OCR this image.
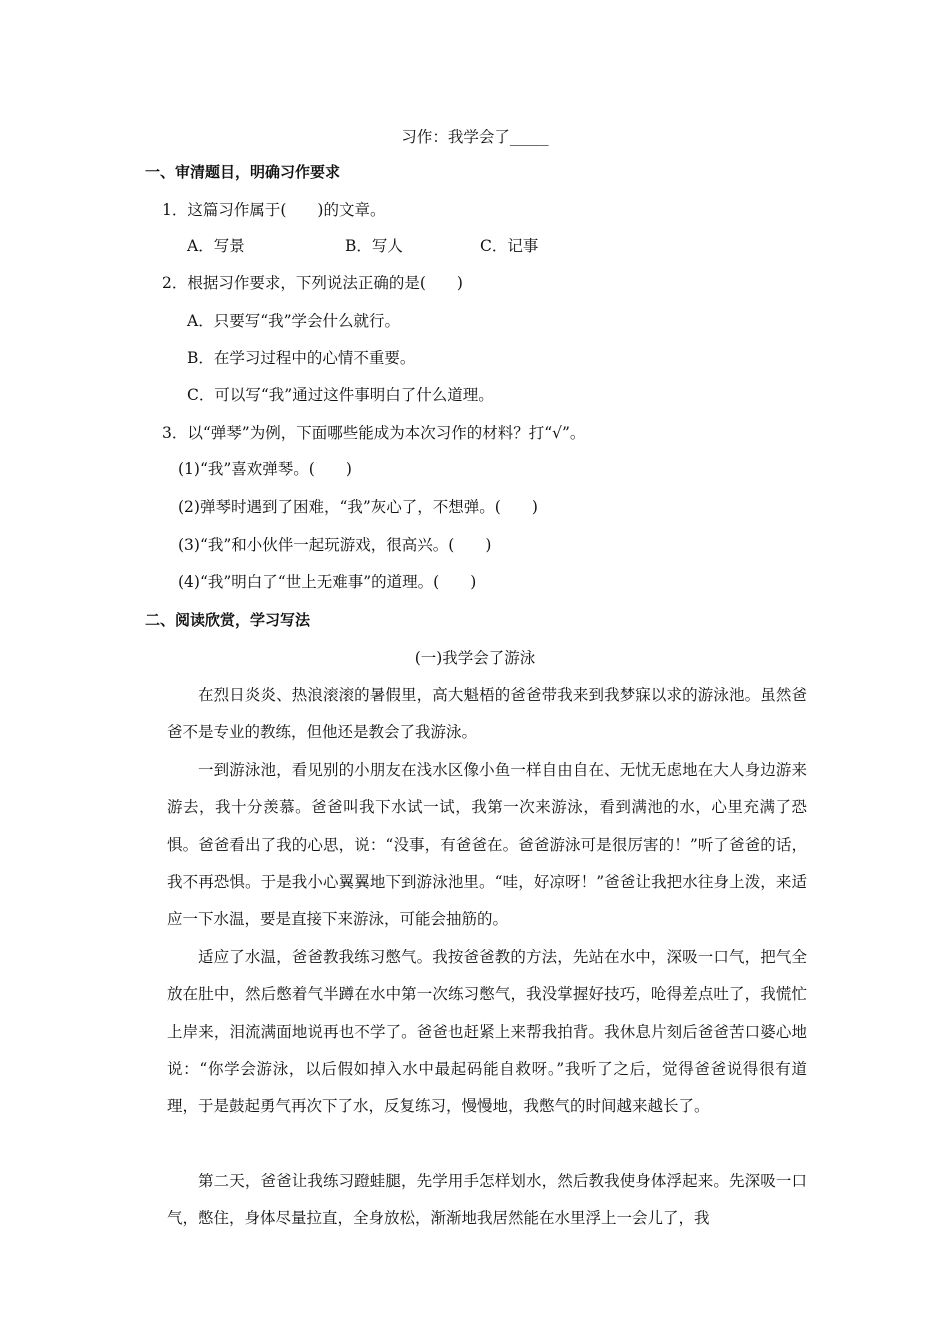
习作：我学会了_____
一、审清题目，明确习作要求
1．这篇习作属于(　　)的文章。
A．写景	B．写人	C．记事
2．根据习作要求，下列说法正确的是(　　)
A．只要写“我”学会什么就行。
B．在学习过程中的心情不重要。
C．可以写“我”通过这件事明白了什么道理。
3．以“弹琴”为例，下面哪些能成为本次习作的材料？打“√”。
(1)“我”喜欢弹琴。(　　)
(2)弹琴时遇到了困难，“我”灰心了，不想弹。(　　)
(3)“我”和小伙伴一起玩游戏，很高兴。(　　)
(4)“我”明白了“世上无难事”的道理。(　　)
二、阅读欣赏，学习写法
(一)我学会了游泳
在烈日炎炎、热浪滚滚的暑假里，高大魁梧的爸爸带我来到我梦寐以求的游泳池。虽然爸爸不是专业的教练，但他还是教会了我游泳。
一到游泳池，看见别的小朋友在浅水区像小鱼一样自由自在、无忧无虑地在大人身边游来游去，我十分羡慕。爸爸叫我下水试一试，我第一次来游泳，看到满池的水，心里充满了恐惧。爸爸看出了我的心思，说：“没事，有爸爸在。爸爸游泳可是很厉害的！”听了爸爸的话，我不再恐惧。于是我小心翼翼地下到游泳池里。“哇，好凉呀！”爸爸让我把水往身上泼，来适应一下水温，要是直接下来游泳，可能会抽筋的。
适应了水温，爸爸教我练习憋气。我按爸爸教的方法，先站在水中，深吸一口气，把气全放在肚中，然后憋着气半蹲在水中第一次练习憋气，我没掌握好技巧，呛得差点吐了，我慌忙上岸来，泪流满面地说再也不学了。爸爸也赶紧上来帮我拍背。我休息片刻后爸爸苦口婆心地说：“你学会游泳，以后假如掉入水中最起码能自救呀。”我听了之后，觉得爸爸说得很有道理，于是鼓起勇气再次下了水，反复练习，慢慢地，我憋气的时间越来越长了。
第二天，爸爸让我练习蹬蛙腿，先学用手怎样划水，然后教我使身体浮起来。先深吸一口气，憋住，身体尽量拉直，全身放松，渐渐地我居然能在水里浮上一会儿了，我
